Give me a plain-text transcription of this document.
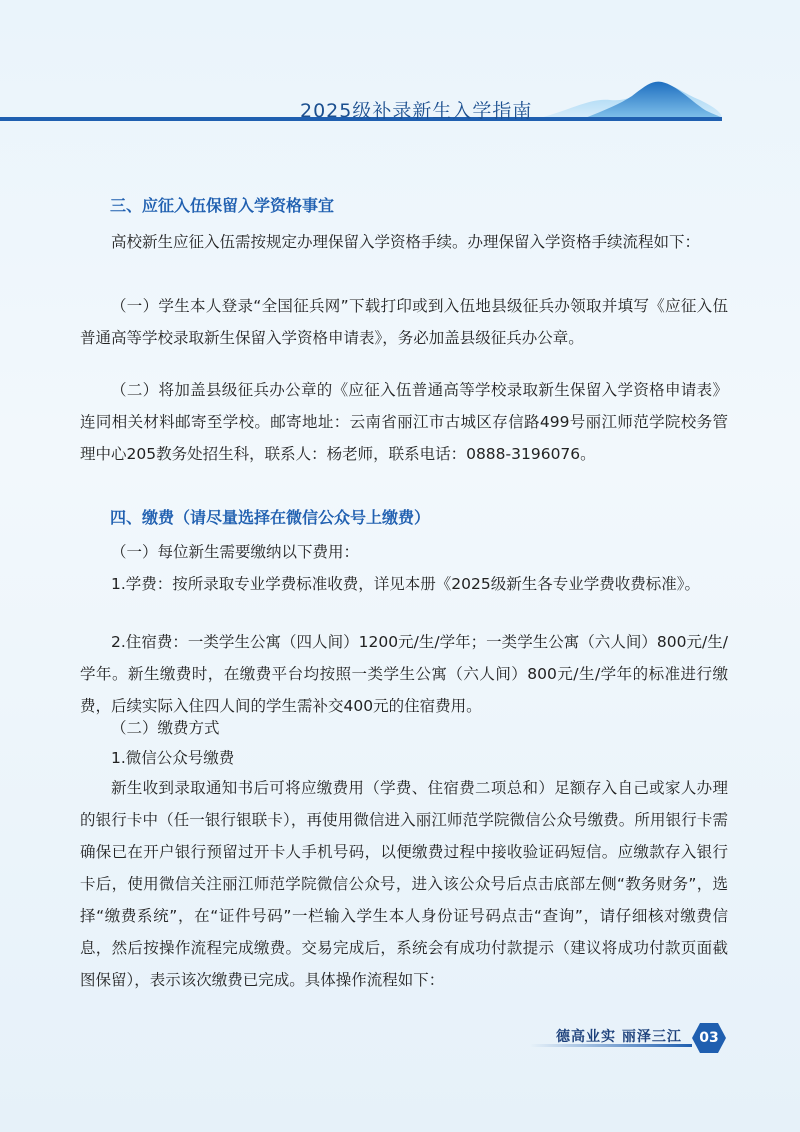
2025级补录新生入学指南
三、应征入伍保留入学资格事宜

高校新生应征入伍需按规定办理保留入学资格手续。办理保留入学资格手续流程如下：

（一）学生本人登录“全国征兵网”下载打印或到入伍地县级征兵办领取并填写《应征入伍普通高等学校录取新生保留入学资格申请表》，务必加盖县级征兵办公章。

（二）将加盖县级征兵办公章的《应征入伍普通高等学校录取新生保留入学资格申请表》连同相关材料邮寄至学校。邮寄地址：云南省丽江市古城区存信路499号丽江师范学院校务管理中心205教务处招生科，联系人：杨老师，联系电话：0888-3196076。

四、缴费（请尽量选择在微信公众号上缴费）

（一）每位新生需要缴纳以下费用：

1.学费：按所录取专业学费标准收费，详见本册《2025级新生各专业学费收费标准》。

2.住宿费：一类学生公寓（四人间）1200元/生/学年；一类学生公寓（六人间）800元/生/学年。新生缴费时，在缴费平台均按照一类学生公寓（六人间）800元/生/学年的标准进行缴费，后续实际入住四人间的学生需补交400元的住宿费用。

（二）缴费方式

1.微信公众号缴费

新生收到录取通知书后可将应缴费用（学费、住宿费二项总和）足额存入自己或家人办理的银行卡中（任一银行银联卡），再使用微信进入丽江师范学院微信公众号缴费。所用银行卡需确保已在开户银行预留过开卡人手机号码，以便缴费过程中接收验证码短信。应缴款存入银行卡后，使用微信关注丽江师范学院微信公众号，进入该公众号后点击底部左侧“教务财务”，选择“缴费系统”，在“证件号码”一栏输入学生本人身份证号码点击“查询”，请仔细核对缴费信息，然后按操作流程完成缴费。交易完成后，系统会有成功付款提示（建议将成功付款页面截图保留），表示该次缴费已完成。具体操作流程如下：

德高业实 丽泽三江	03
